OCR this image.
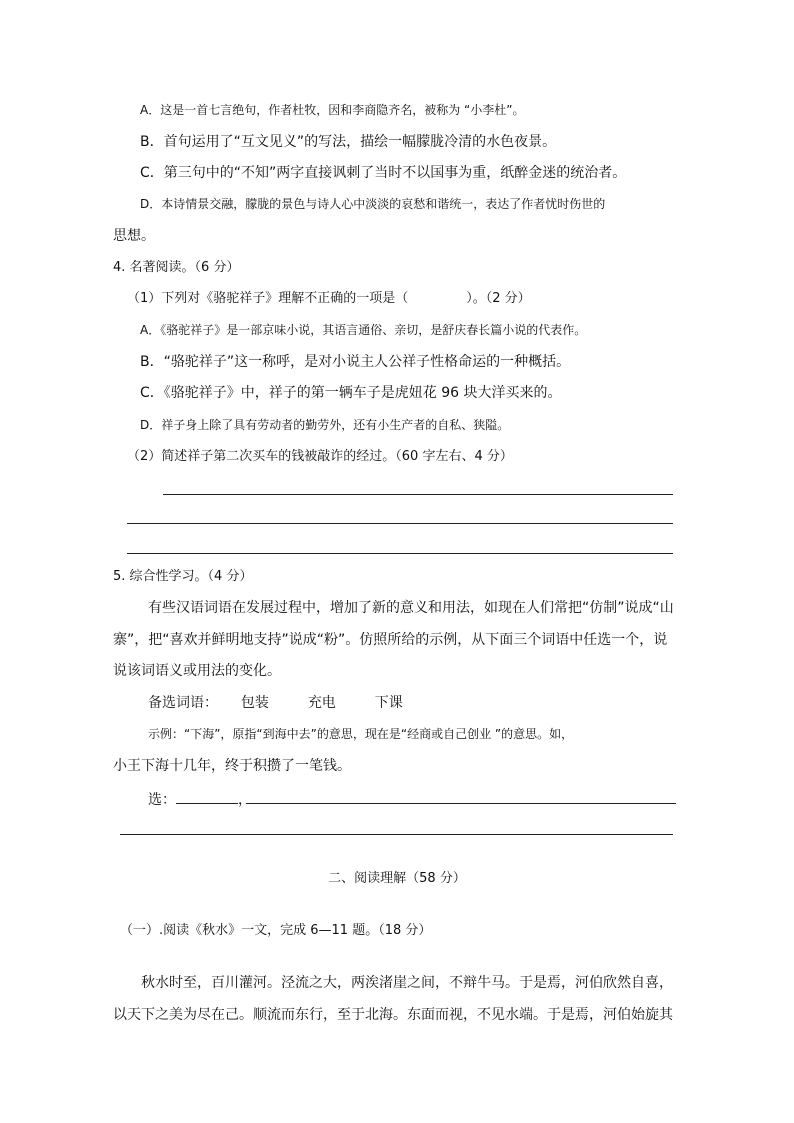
A．这是一首七言绝句，作者杜牧，因和李商隐齐名，被称为 “小李杜”。
B．首句运用了“互文见义”的写法，描绘一幅朦胧冷清的水色夜景。
C．第三句中的“不知”两字直接讽刺了当时不以国事为重，纸醉金迷的统治者。
D．本诗情景交融，朦胧的景色与诗人心中淡淡的哀愁和谐统一，表达了作者忧时伤世的
思想。
4. 名著阅读。（6 分）
（1）下列对《骆驼祥子》理解不正确的一项是（	）。（2 分）
A．《骆驼祥子》是一部京味小说，其语言通俗、亲切，是舒庆春长篇小说的代表作。
B．“骆驼祥子”这一称呼，是对小说主人公祥子性格命运的一种概括。
C．《骆驼祥子》中，祥子的第一辆车子是虎妞花 96 块大洋买来的。
D．祥子身上除了具有劳动者的勤劳外，还有小生产者的自私、狭隘。
（2）简述祥子第二次买车的钱被敲诈的经过。（60 字左右、4 分）
5. 综合性学习。（4 分）
有些汉语词语在发展过程中，增加了新的意义和用法，如现在人们常把“仿制”说成“山
寨”，把“喜欢并鲜明地支持”说成“粉”。仿照所给的示例，从下面三个词语中任选一个，说
说该词语义或用法的变化。
备选词语： 包装	充电	下课
示例：“下海”，原指“到海中去”的意思，现在是“经商或自己创业 ”的意思。如，
小王下海十几年，终于积攒了一笔钱。
选：	，
二、阅读理解（58 分）
（一）.阅读《秋水》一文，完成 6—11 题。（18 分）
秋水时至，百川灌河。泾流之大，两涘渚崖之间，不辩牛马。于是焉，河伯欣然自喜，
以天下之美为尽在己。顺流而东行，至于北海。东面而视，不见水端。于是焉，河伯始旋其
